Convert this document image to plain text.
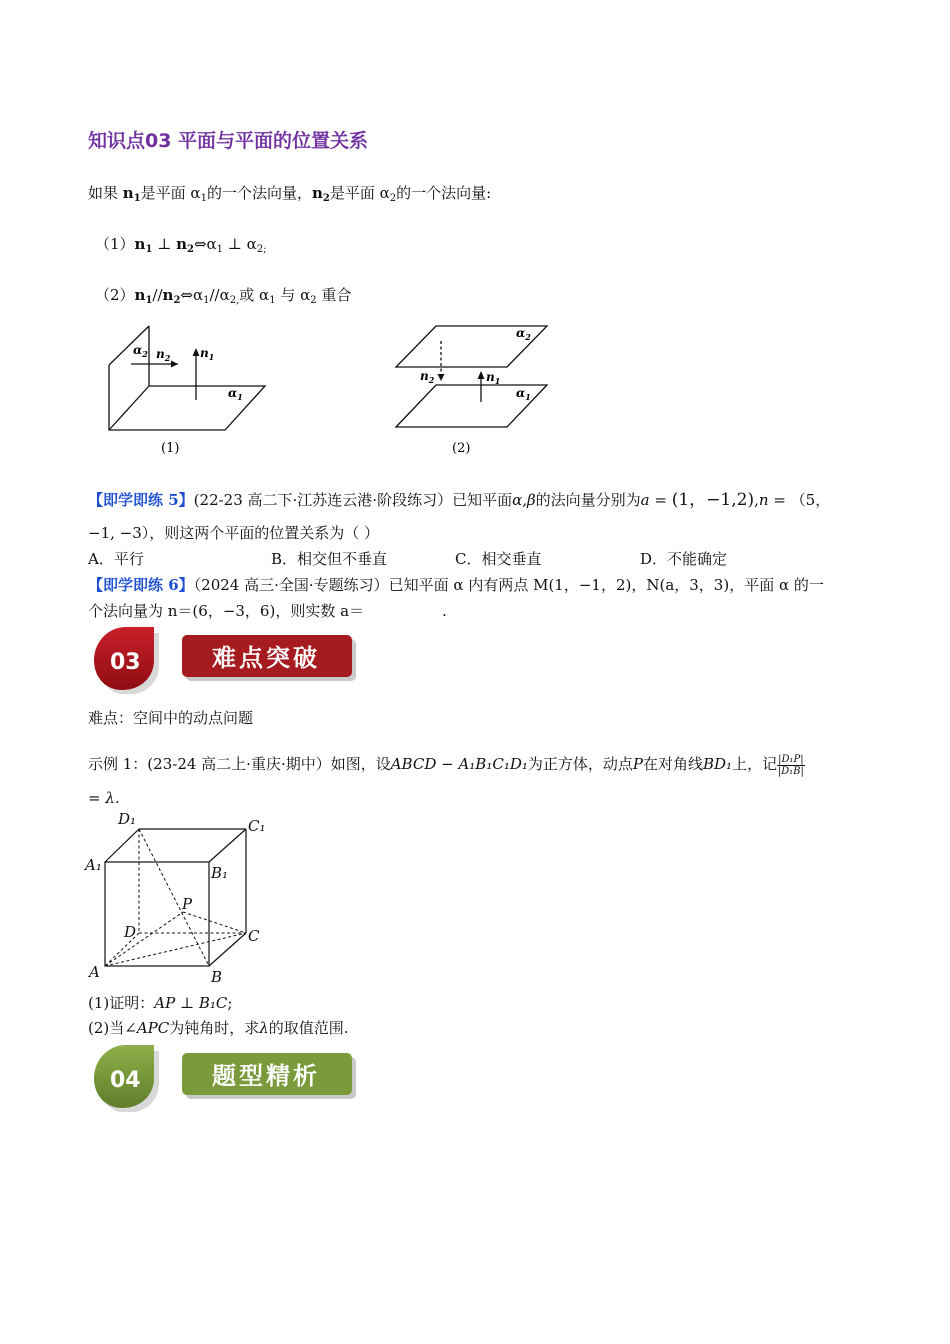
知识点03 平面与平面的位置关系
如果 $n_1$是平面 $\alpha_1$的一个法向量，$n_2$是平面 $\alpha_2$的一个法向量:
$(1)n_1$ ⊥ $n_2\Leftrightarrow\alpha_1$ ⊥ $\alpha_{2;}$
$(2)n_1//n_2\Leftrightarrow\alpha_1//\alpha_{2,}$或 $\alpha_1$ 与 $\alpha_2$ 重合
$\alpha_2$ $n_2$ $n_1$
$\alpha_1$
(1)
$\alpha_2$
$n_2$	$n_1$
$\alpha_1$
(2)
【即学即练 5】(22-23 高二下·江苏连云港·阶段练习）已知平面α,β的法向量分别为a = (1，−1,2),n = （5，
−1, −3），则这两个平面的位置关系为（ ）
A．平行	B．相交但不垂直	C．相交垂直	D．不能确定
【即学即练 6】（2024 高三·全国·专题练习）已知平面 α 内有两点 M(1，−1，2)，N(a，3，3)，平面 α 的一
个法向量为 n＝(6，−3，6)，则实数 a＝	.
03	难点突破
难点：空间中的动点问题
示例 1：(23-24 高二上·重庆·期中）如图，设ABCD − A₁B₁C₁D₁为正方体，动点P在对角线BD₁上，记 $\frac{\text{|D₁P|}}{\text{|D₁B|}}$
= λ.
D₁	C₁
A₁	B₁
P
D	C
A	B
(1)证明：AP ⊥ B₁C;
(2)当∠APC为钝角时，求λ的取值范围.
04	题型精析
